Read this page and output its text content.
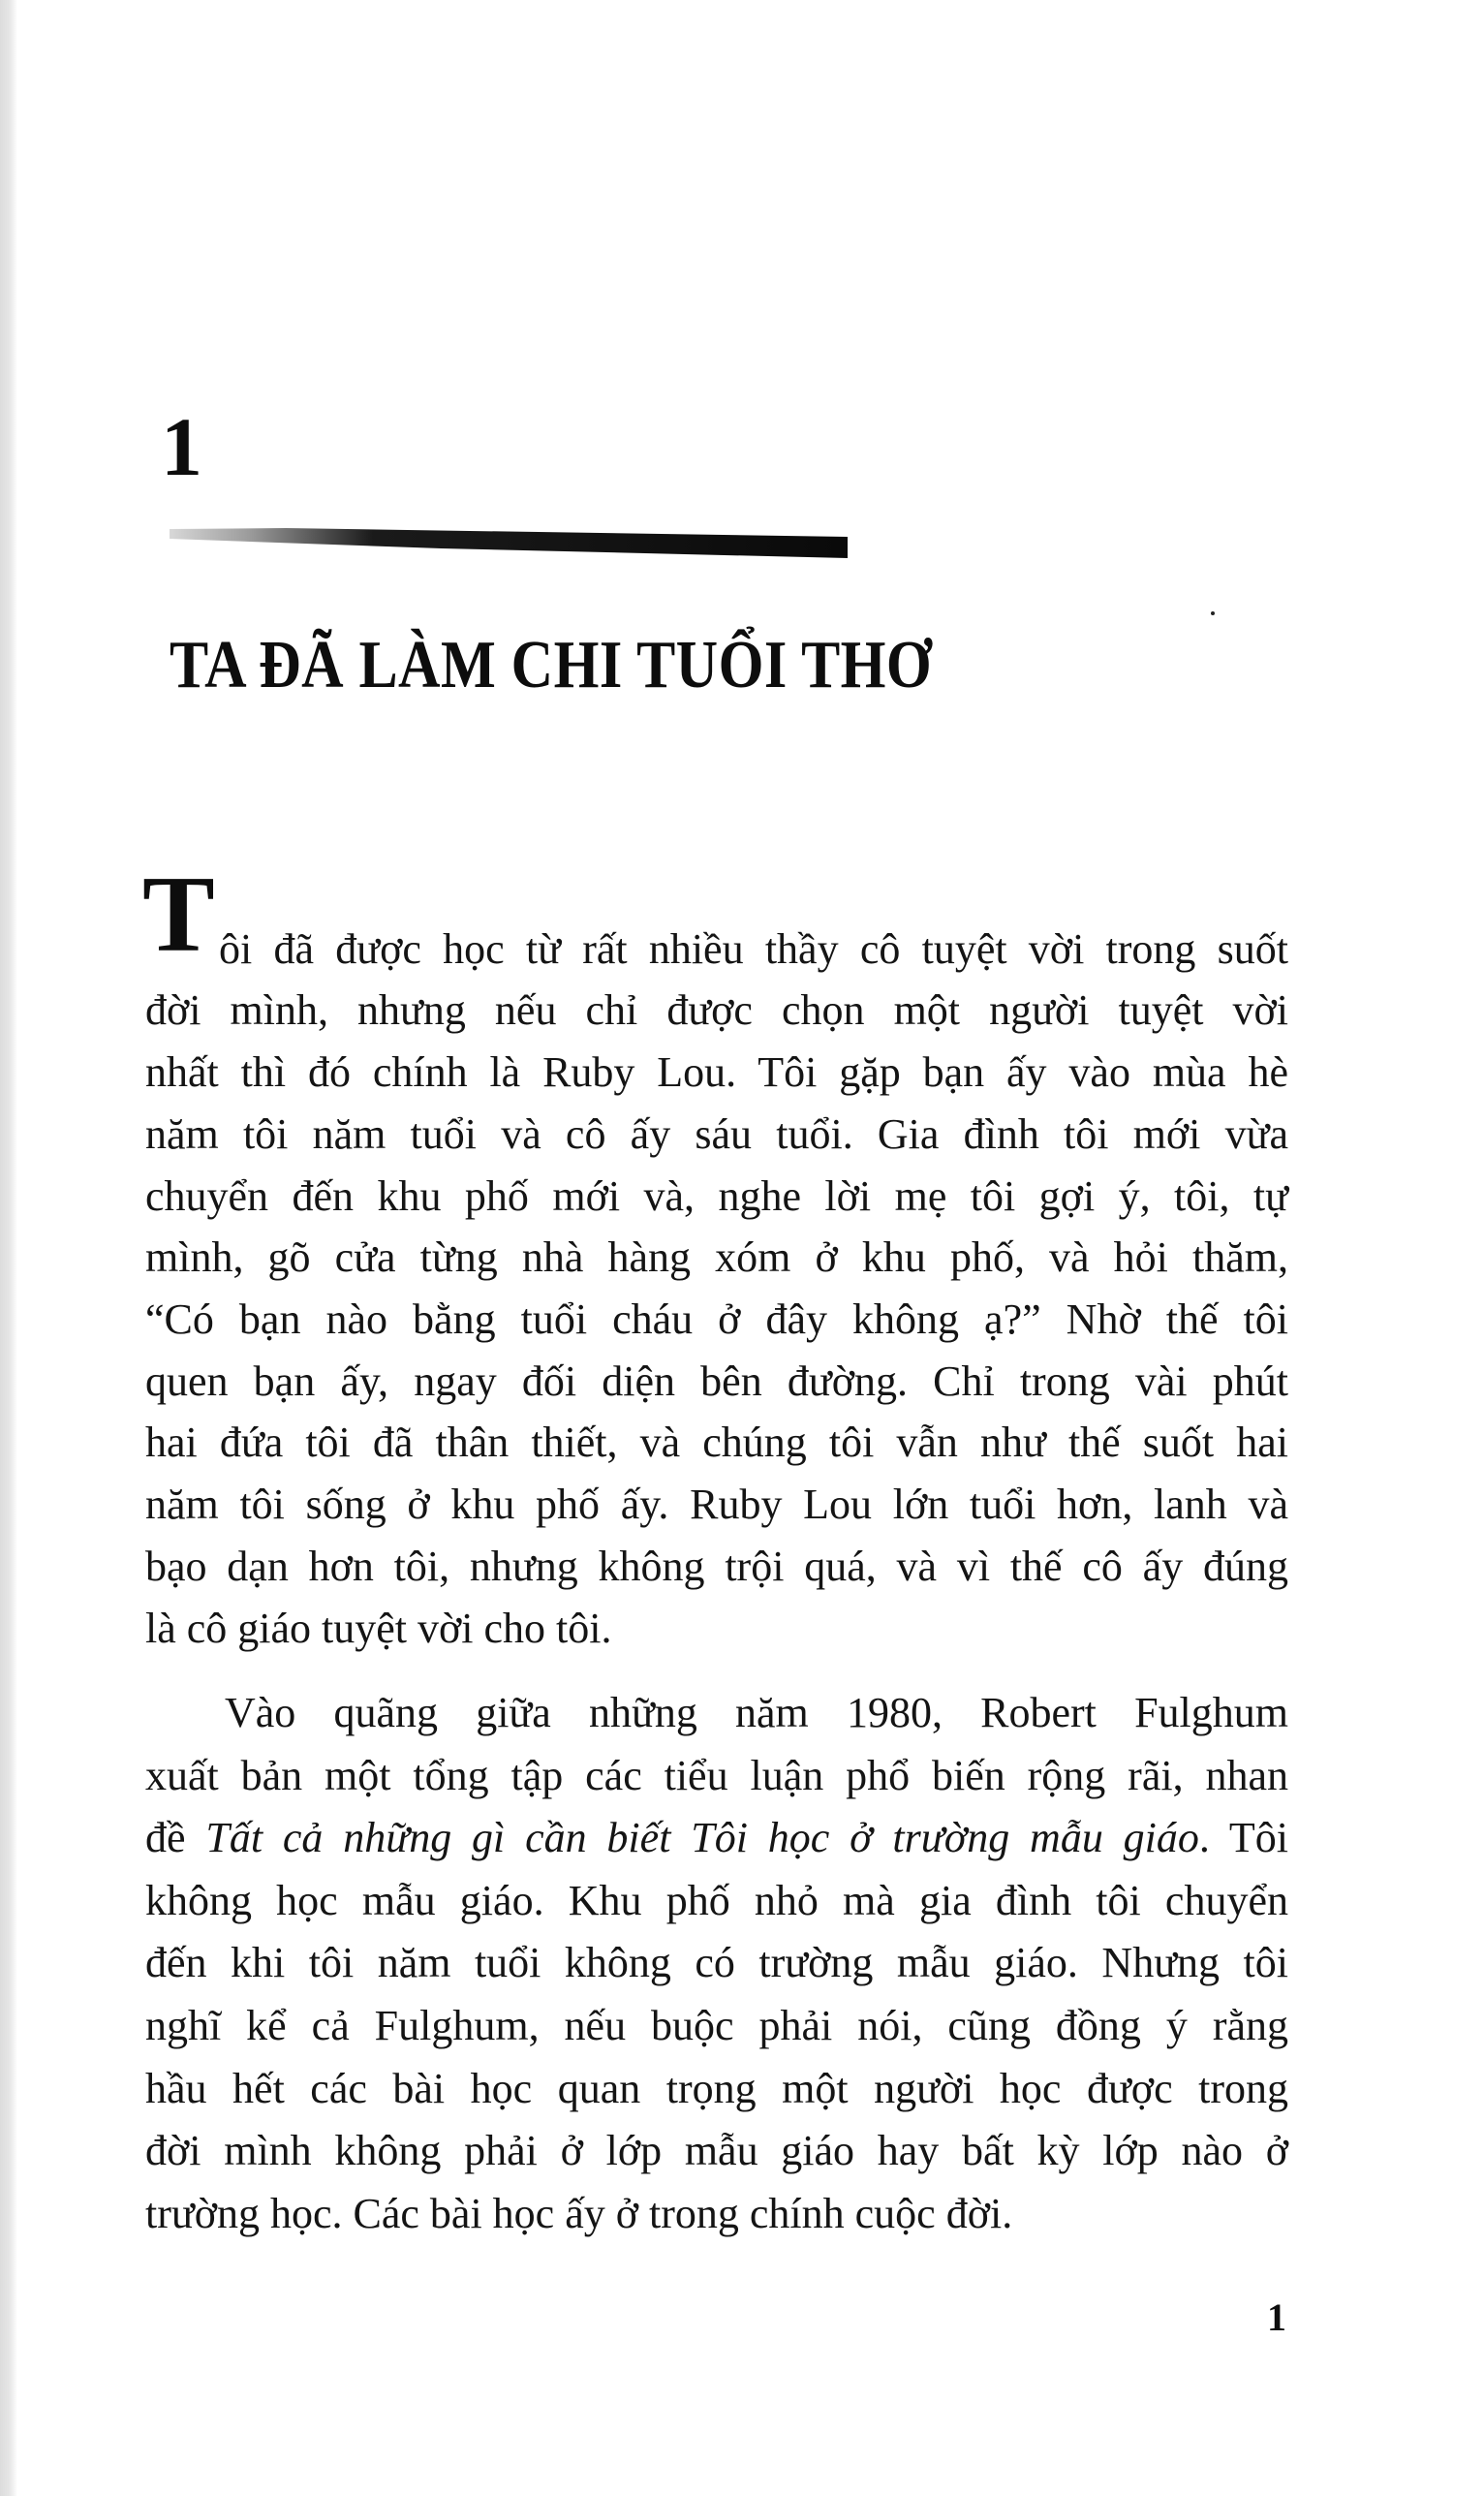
1
TA ĐÃ LÀM CHI TUỔI THƠ
T ôi đã được học từ rất nhiều thầy cô tuyệt vời trong suốt
đời mình, nhưng nếu chỉ được chọn một người tuyệt vời
nhất thì đó chính là Ruby Lou. Tôi gặp bạn ấy vào mùa hè
năm tôi năm tuổi và cô ấy sáu tuổi. Gia đình tôi mới vừa
chuyển đến khu phố mới và, nghe lời mẹ tôi gợi ý, tôi, tự
mình, gõ cửa từng nhà hàng xóm ở khu phố, và hỏi thăm,
“Có bạn nào bằng tuổi cháu ở đây không ạ?” Nhờ thế tôi
quen bạn ấy, ngay đối diện bên đường. Chỉ trong vài phút
hai đứa tôi đã thân thiết, và chúng tôi vẫn như thế suốt hai
năm tôi sống ở khu phố ấy. Ruby Lou lớn tuổi hơn, lanh và
bạo dạn hơn tôi, nhưng không trội quá, và vì thế cô ấy đúng
là cô giáo tuyệt vời cho tôi.
Vào quãng giữa những năm 1980, Robert Fulghum
xuất bản một tổng tập các tiểu luận phổ biến rộng rãi, nhan
đề Tất cả những gì cần biết Tôi học ở trường mẫu giáo. Tôi
không học mẫu giáo. Khu phố nhỏ mà gia đình tôi chuyển
đến khi tôi năm tuổi không có trường mẫu giáo. Nhưng tôi
nghĩ kể cả Fulghum, nếu buộc phải nói, cũng đồng ý rằng
hầu hết các bài học quan trọng một người học được trong
đời mình không phải ở lớp mẫu giáo hay bất kỳ lớp nào ở
trường học. Các bài học ấy ở trong chính cuộc đời.
1
